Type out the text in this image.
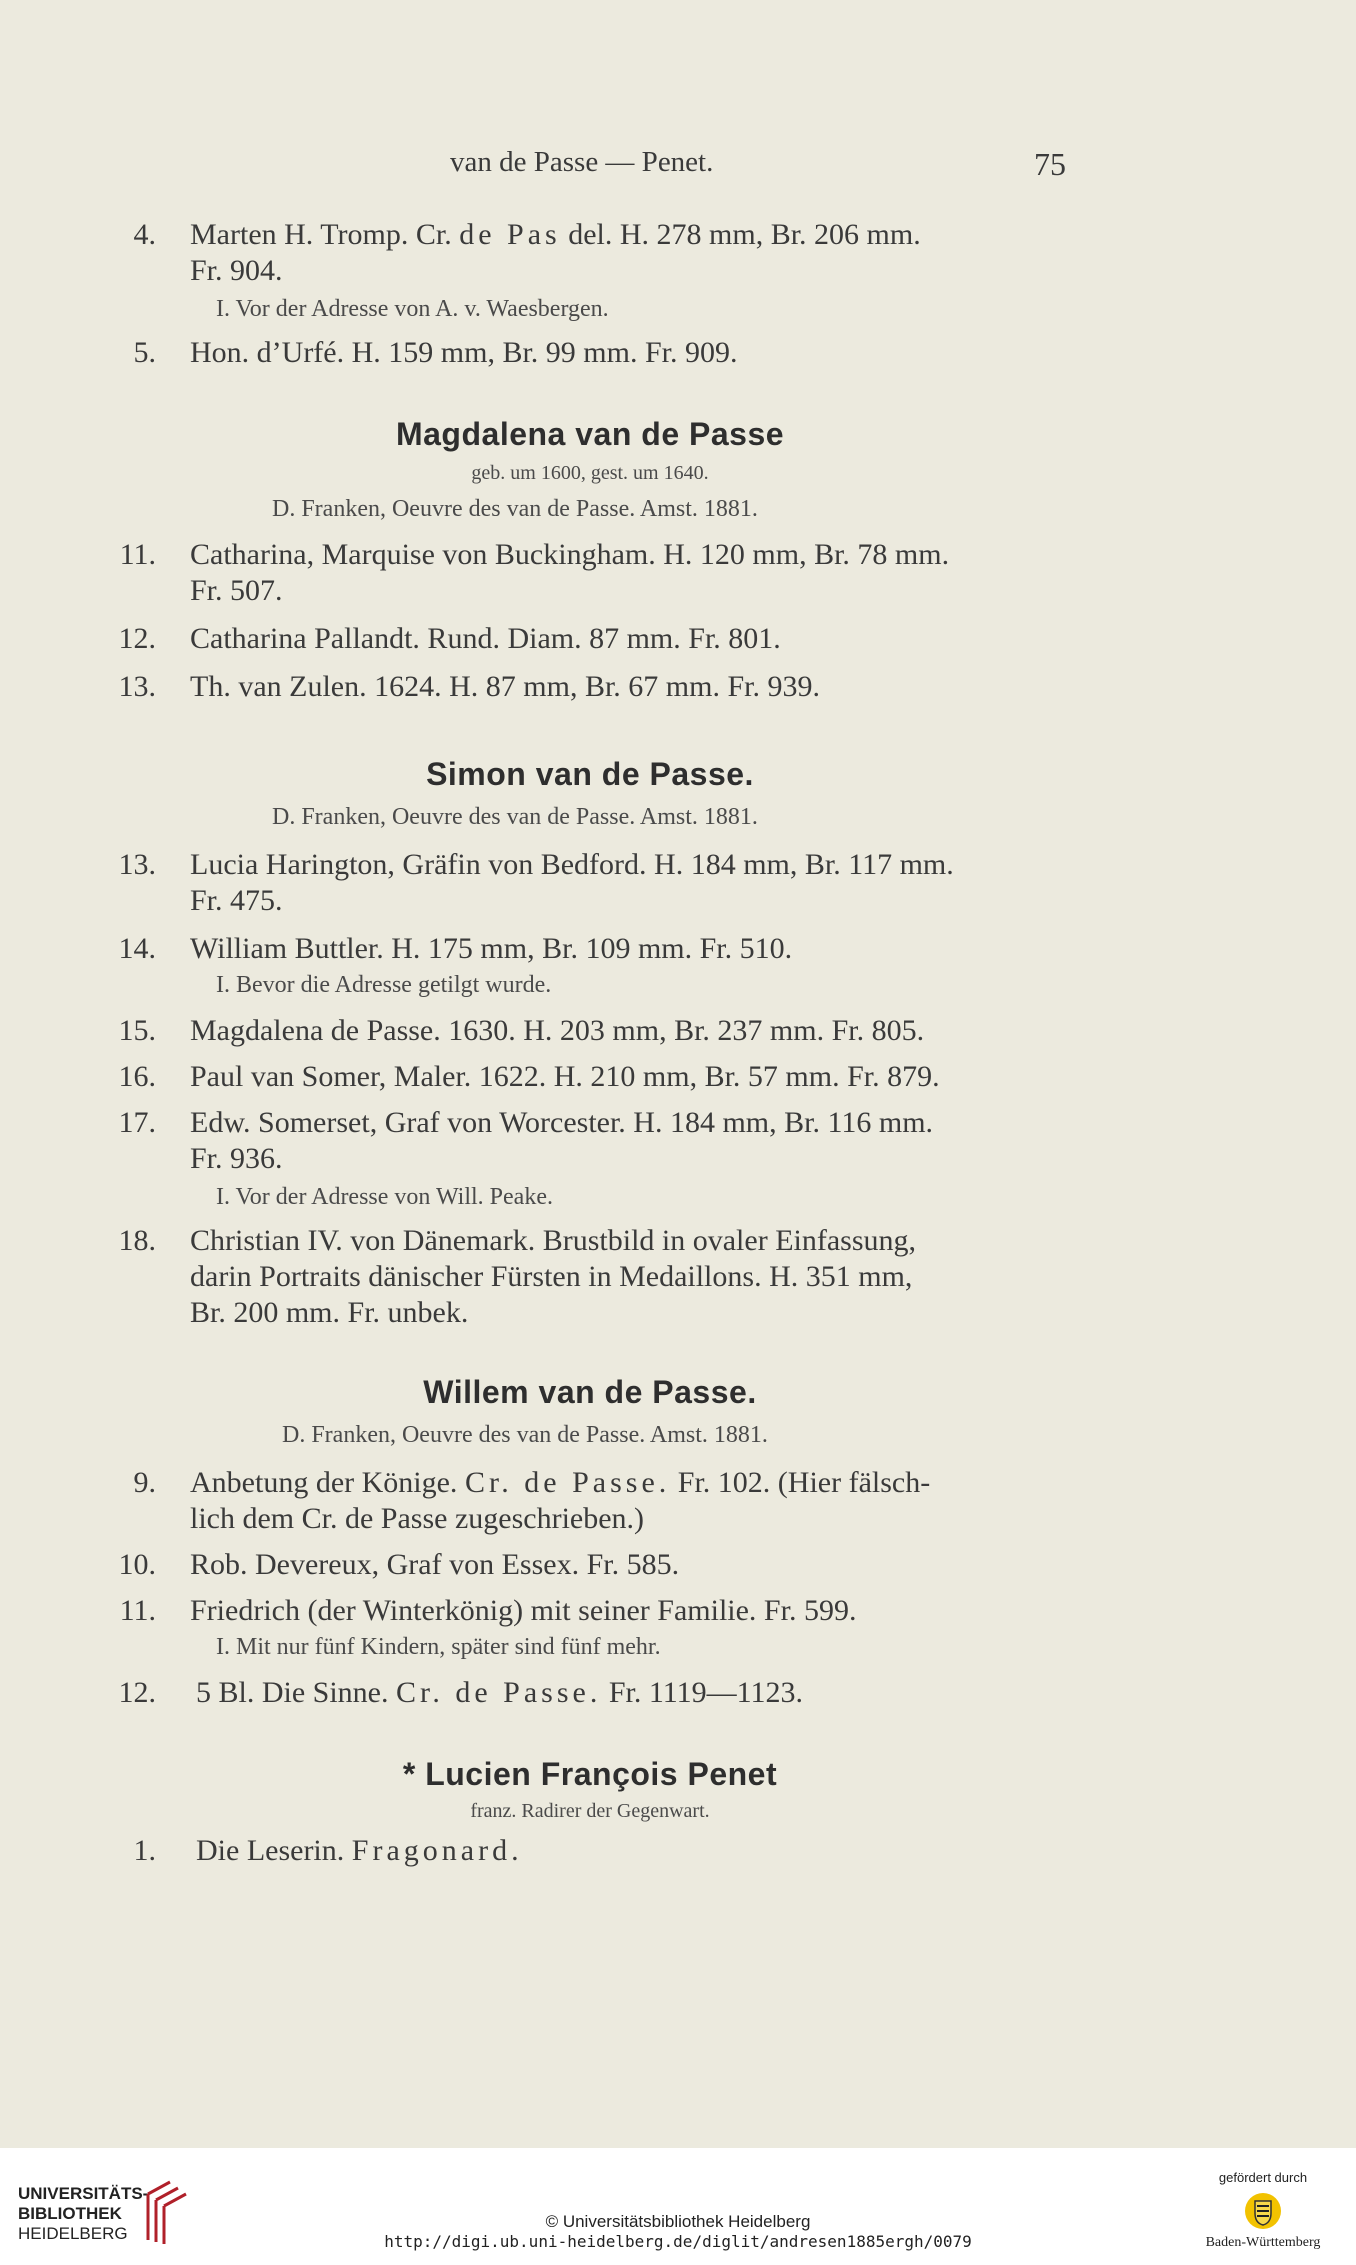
van de Passe — Penet.	75
4. Marten H. Tromp. Cr. de Pas del. H. 278 mm, Br. 206 mm.
Fr. 904.
I. Vor der Adresse von A. v. Waesbergen.
5. Hon. d’Urfé. H. 159 mm, Br. 99 mm. Fr. 909.
Magdalena van de Passe
geb. um 1600, gest. um 1640.
D. Franken, Oeuvre des van de Passe. Amst. 1881.
11. Catharina, Marquise von Buckingham. H. 120 mm, Br. 78 mm.
Fr. 507.
12. Catharina Pallandt. Rund. Diam. 87 mm. Fr. 801.
13. Th. van Zulen. 1624. H. 87 mm, Br. 67 mm. Fr. 939.
Simon van de Passe.
D. Franken, Oeuvre des van de Passe. Amst. 1881.
13. Lucia Harington, Gräfin von Bedford. H. 184 mm, Br. 117 mm.
Fr. 475.
14. William Buttler. H. 175 mm, Br. 109 mm. Fr. 510.
I. Bevor die Adresse getilgt wurde.
15. Magdalena de Passe. 1630. H. 203 mm, Br. 237 mm. Fr. 805.
16. Paul van Somer, Maler. 1622. H. 210 mm, Br. 57 mm. Fr. 879.
17. Edw. Somerset, Graf von Worcester. H. 184 mm, Br. 116 mm.
Fr. 936.
I. Vor der Adresse von Will. Peake.
18. Christian IV. von Dänemark. Brustbild in ovaler Einfassung,
darin Portraits dänischer Fürsten in Medaillons. H. 351 mm,
Br. 200 mm. Fr. unbek.
Willem van de Passe.
D. Franken, Oeuvre des van de Passe. Amst. 1881.
9. Anbetung der Könige. Cr. de Passe. Fr. 102. (Hier fälsch-
lich dem Cr. de Passe zugeschrieben.)
10. Rob. Devereux, Graf von Essex. Fr. 585.
11. Friedrich (der Winterkönig) mit seiner Familie. Fr. 599.
I. Mit nur fünf Kindern, später sind fünf mehr.
12. 5 Bl. Die Sinne. Cr. de Passe. Fr. 1119—1123.
* Lucien François Penet
franz. Radirer der Gegenwart.
1. Die Leserin. Fragonard.
UNIVERSITÄTS-
BIBLIOTHEK
HEIDELBERG
© Universitätsbibliothek Heidelberg
http://digi.ub.uni-heidelberg.de/diglit/andresen1885ergh/0079
gefördert durch
Baden-Württemberg
